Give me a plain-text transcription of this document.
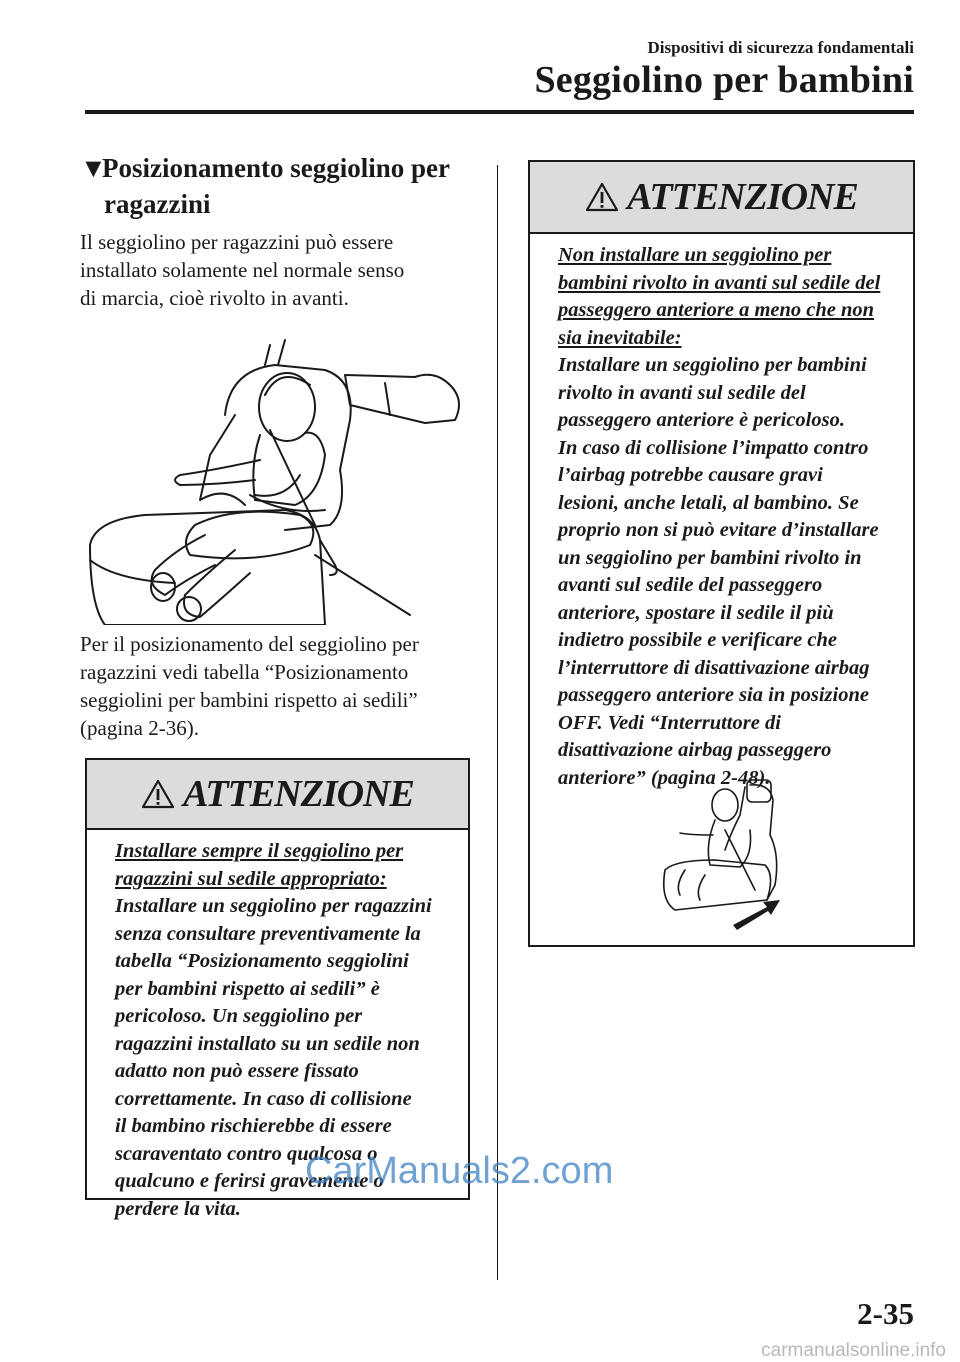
Dispositivi di sicurezza fondamentali
Seggiolino per bambini
▼Posizionamento seggiolino per
ragazzini
Il seggiolino per ragazzini può essere
installato solamente nel normale senso
di marcia, cioè rivolto in avanti.
Per il posizionamento del seggiolino per
ragazzini vedi tabella “Posizionamento
seggiolini per bambini rispetto ai sedili”
(pagina 2-36).
ATTENZIONE
Installare sempre il seggiolino per
ragazzini sul sedile appropriato:
Installare un seggiolino per ragazzini
senza consultare preventivamente la
tabella “Posizionamento seggiolini
per bambini rispetto ai sedili” è
pericoloso. Un seggiolino per
ragazzini installato su un sedile non
adatto non può essere fissato
correttamente. In caso di collisione
il bambino rischierebbe di essere
scaraventato contro qualcosa o
qualcuno e ferirsi gravemente o
perdere la vita.
ATTENZIONE
Non installare un seggiolino per
bambini rivolto in avanti sul sedile del
passeggero anteriore a meno che non
sia inevitabile:
Installare un seggiolino per bambini
rivolto in avanti sul sedile del
passeggero anteriore è pericoloso.
In caso di collisione l’impatto contro
l’airbag potrebbe causare gravi
lesioni, anche letali, al bambino. Se
proprio non si può evitare d’installare
un seggiolino per bambini rivolto in
avanti sul sedile del passeggero
anteriore, spostare il sedile il più
indietro possibile e verificare che
l’interruttore di disattivazione airbag
passeggero anteriore sia in posizione
OFF. Vedi “Interruttore di
disattivazione airbag passeggero
anteriore” (pagina 2-48).
2-35
CarManuals2.com
carmanualsonline.info
